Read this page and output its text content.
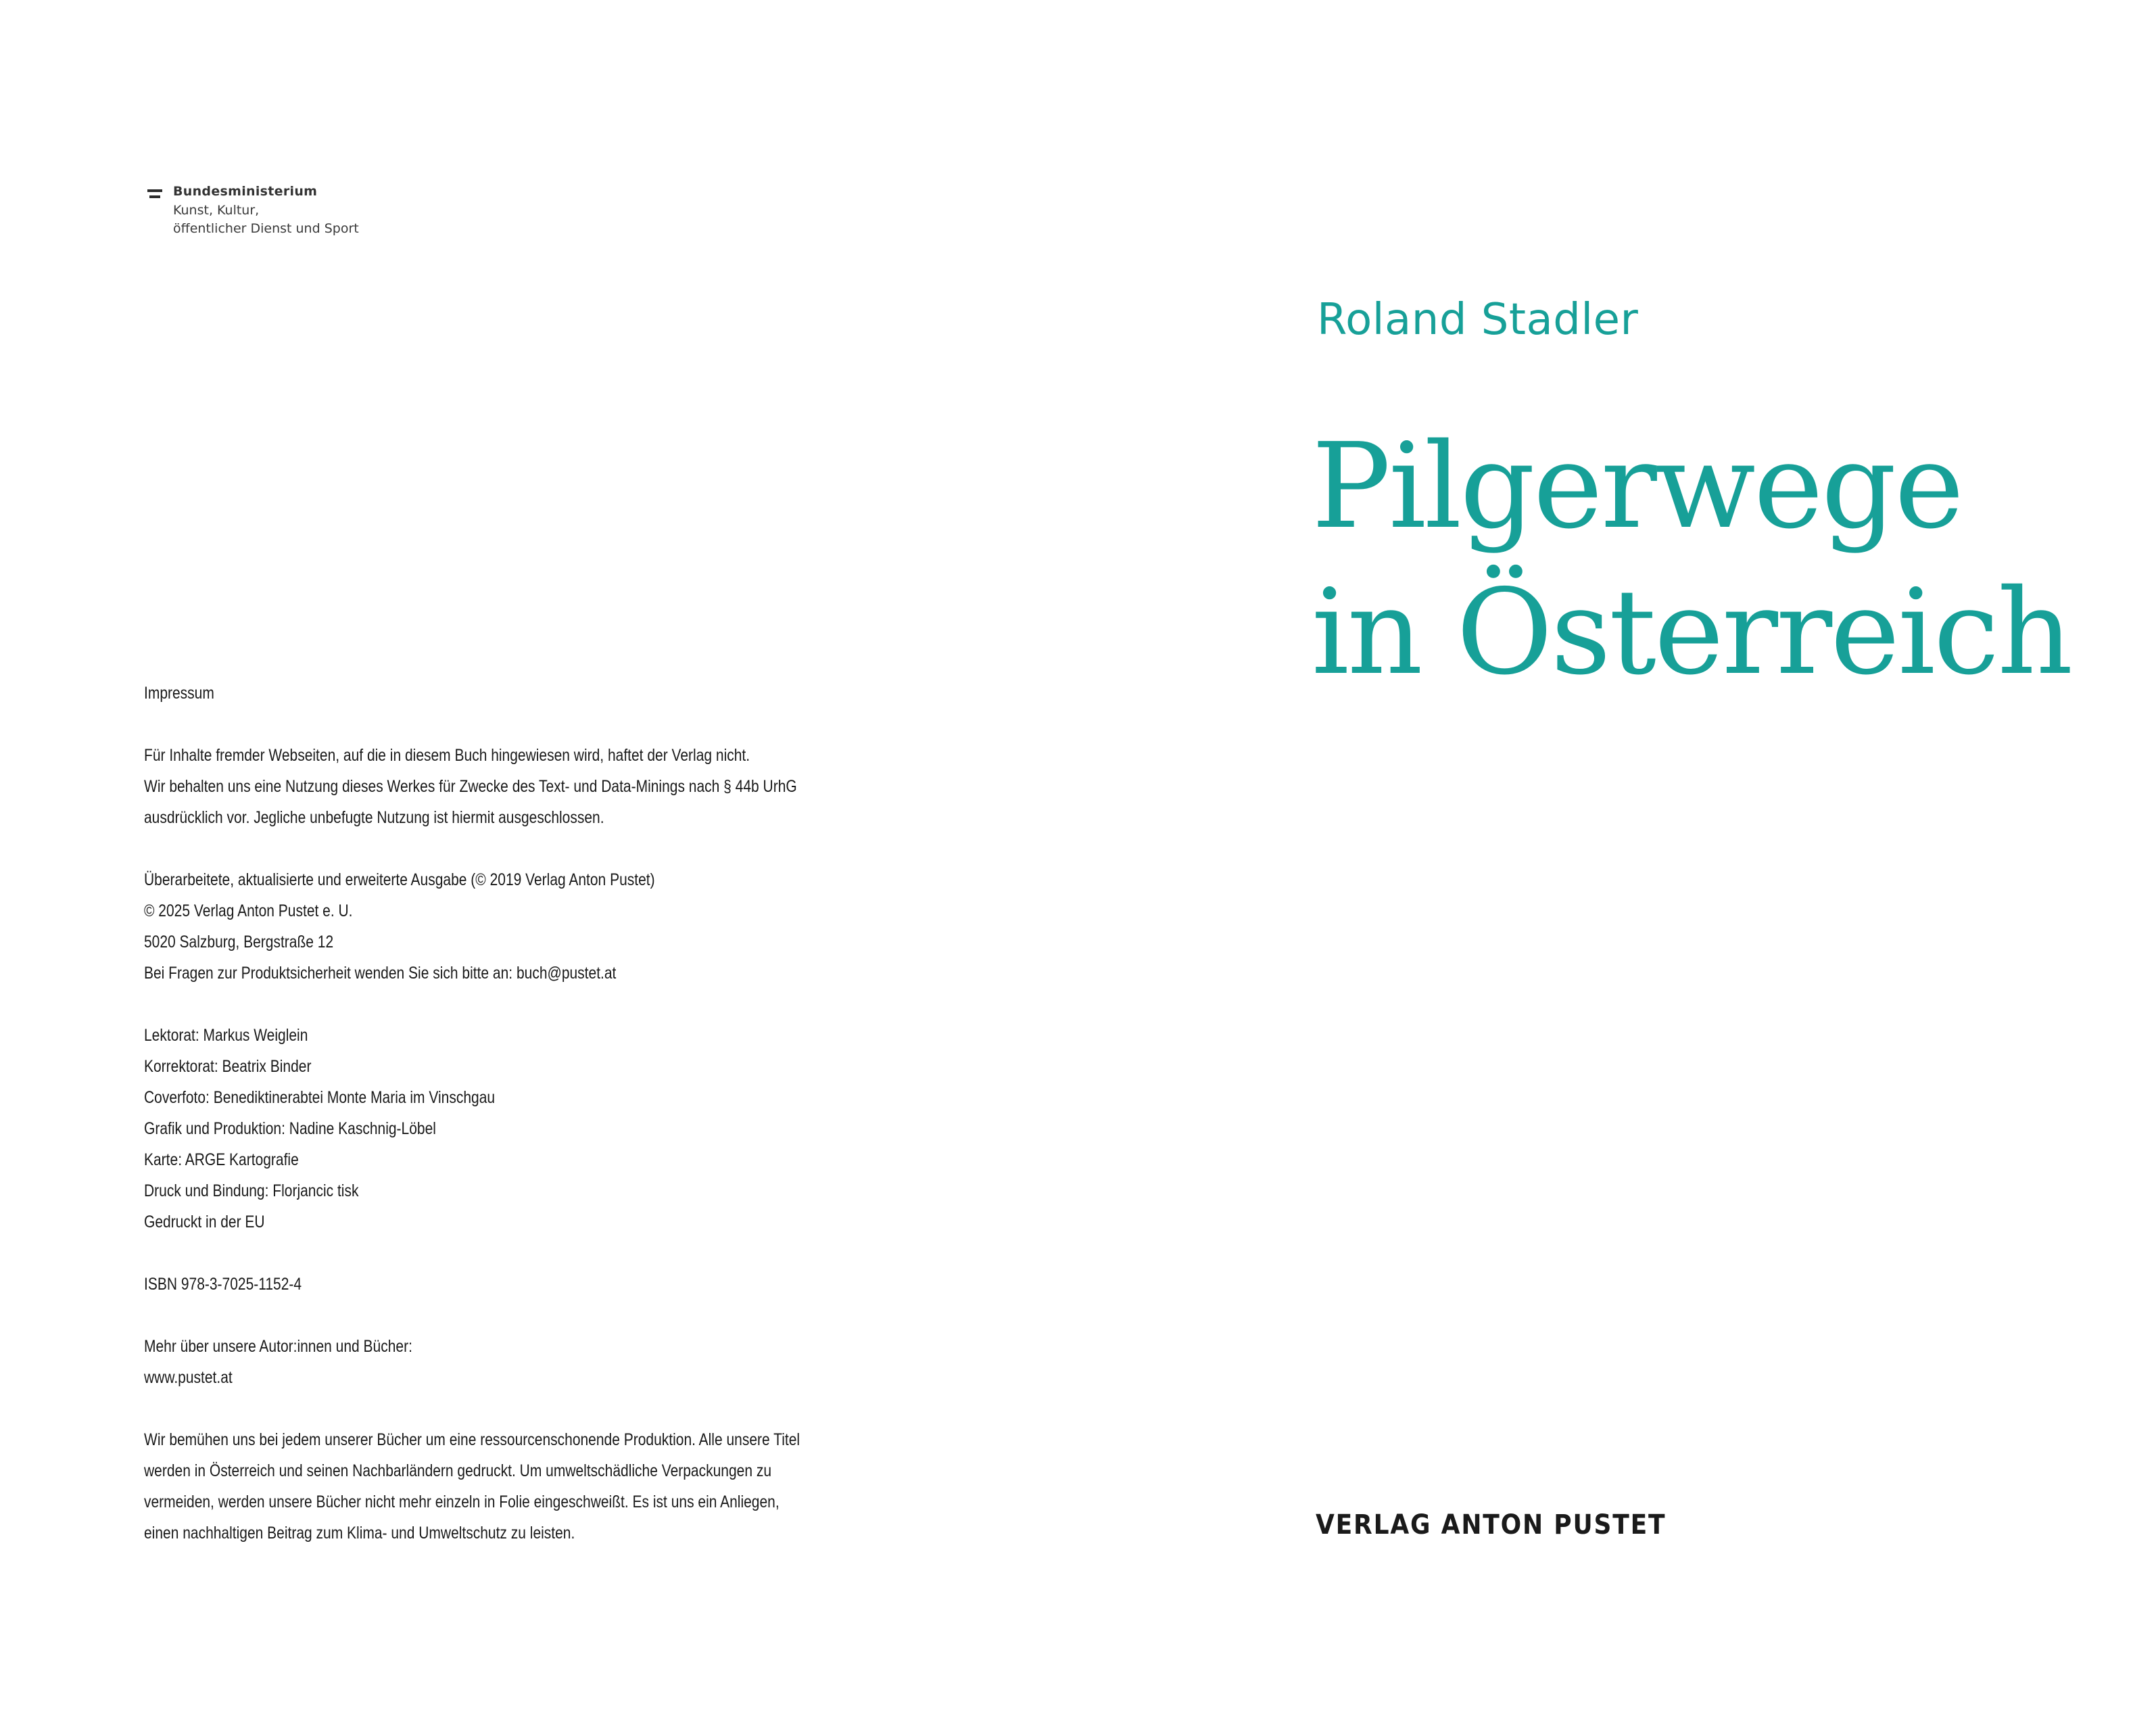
Bundesministerium
Kunst, Kultur,
öffentlicher Dienst und Sport
Impressum
Für Inhalte fremder Webseiten, auf die in diesem Buch hingewiesen wird, haftet der Verlag nicht.
Wir behalten uns eine Nutzung dieses Werkes für Zwecke des Text- und Data-Minings nach § 44b UrhG
ausdrücklich vor. Jegliche unbefugte Nutzung ist hiermit ausgeschlossen.
Überarbeitete, aktualisierte und erweiterte Ausgabe (© 2019 Verlag Anton Pustet)
© 2025 Verlag Anton Pustet e. U.
5020 Salzburg, Bergstraße 12
Bei Fragen zur Produktsicherheit wenden Sie sich bitte an: buch@pustet.at
Lektorat: Markus Weiglein
Korrektorat: Beatrix Binder
Coverfoto: Benediktinerabtei Monte Maria im Vinschgau
Grafik und Produktion: Nadine Kaschnig-Löbel
Karte: ARGE Kartografie
Druck und Bindung: Florjancic tisk
Gedruckt in der EU
ISBN 978-3-7025-1152-4
Mehr über unsere Autor:innen und Bücher:
www.pustet.at
Wir bemühen uns bei jedem unserer Bücher um eine ressourcenschonende Produktion. Alle unsere Titel
werden in Österreich und seinen Nachbarländern gedruckt. Um umweltschädliche Verpackungen zu
vermeiden, werden unsere Bücher nicht mehr einzeln in Folie eingeschweißt. Es ist uns ein Anliegen,
einen nachhaltigen Beitrag zum Klima- und Umweltschutz zu leisten.
Roland Stadler
Pilgerwege
in Österreich
VERLAG ANTON PUSTET
